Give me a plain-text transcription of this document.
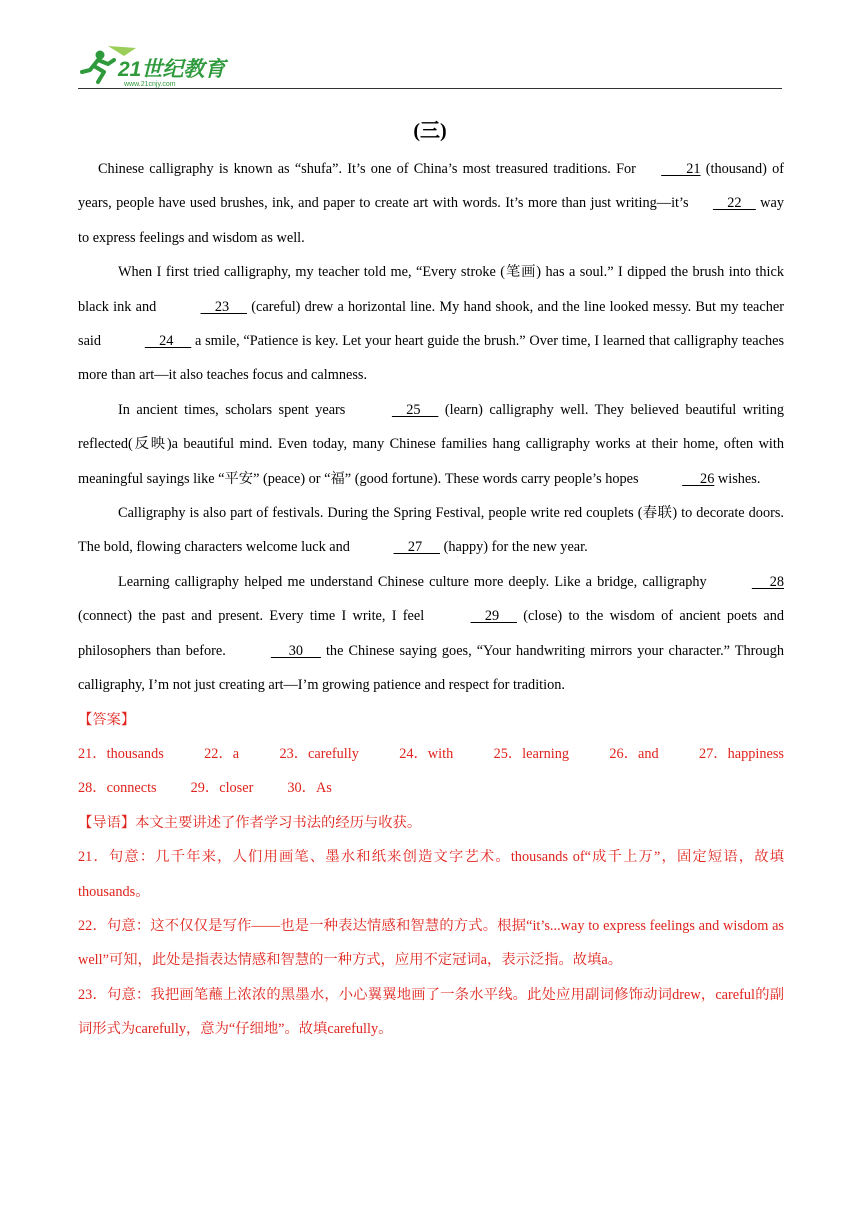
21世纪教育
www.21cnjy.com
(三)

Chinese calligraphy is known as “shufa”. It’s one of China’s most treasured traditions. For        21 (thousand) of years, people have used brushes, ink, and paper to create art with words. It’s more than just writing—it’s     22     way to express feelings and wisdom as well.

When I first tried calligraphy, my teacher told me, “Every stroke (笔画) has a soul.” I dipped the brush into thick black ink and	23      (careful) drew a horizontal line. My hand shook, and the line looked messy. But my teacher said	24      a smile, “Patience is key. Let your heart guide the brush.” Over time, I learned that calligraphy teaches more than art—it also teaches focus and calmness.

In ancient times, scholars spent years	25      (learn) calligraphy well. They believed beautiful writing reflected(反映)a beautiful mind. Even today, many Chinese families hang calligraphy works at their home, often with meaningful sayings like “平安” (peace) or “福” (good fortune). These words carry people’s hopes	26 wishes.

Calligraphy is also part of festivals. During the Spring Festival, people write red couplets (春联) to decorate doors. The bold, flowing characters welcome luck and	27      (happy) for the new year.

Learning calligraphy helped me understand Chinese culture more deeply. Like a bridge, calligraphy	28 (connect) the past and present. Every time I write, I feel	29      (close) to the wisdom of ancient poets and philosophers than before.	30      the Chinese saying goes, “Your handwriting mirrors your character.” Through calligraphy, I’m not just creating art—I’m growing patience and respect for tradition.

【答案】

21．thousands	22．a	23．carefully	24．with	25．learning	26．and	27．happiness
28．connects 29．closer 30．As

【导语】本文主要讲述了作者学习书法的经历与收获。

21．句意：几千年来，人们用画笔、墨水和纸来创造文字艺术。thousands of“成千上万”，固定短语，故填thousands。

22．句意：这不仅仅是写作——也是一种表达情感和智慧的方式。根据“it’s...way to express feelings and wisdom as well”可知，此处是指表达情感和智慧的一种方式，应用不定冠词a，表示泛指。故填a。

23．句意：我把画笔蘸上浓浓的黑墨水，小心翼翼地画了一条水平线。此处应用副词修饰动词drew，careful的副词形式为carefully，意为“仔细地”。故填carefully。
